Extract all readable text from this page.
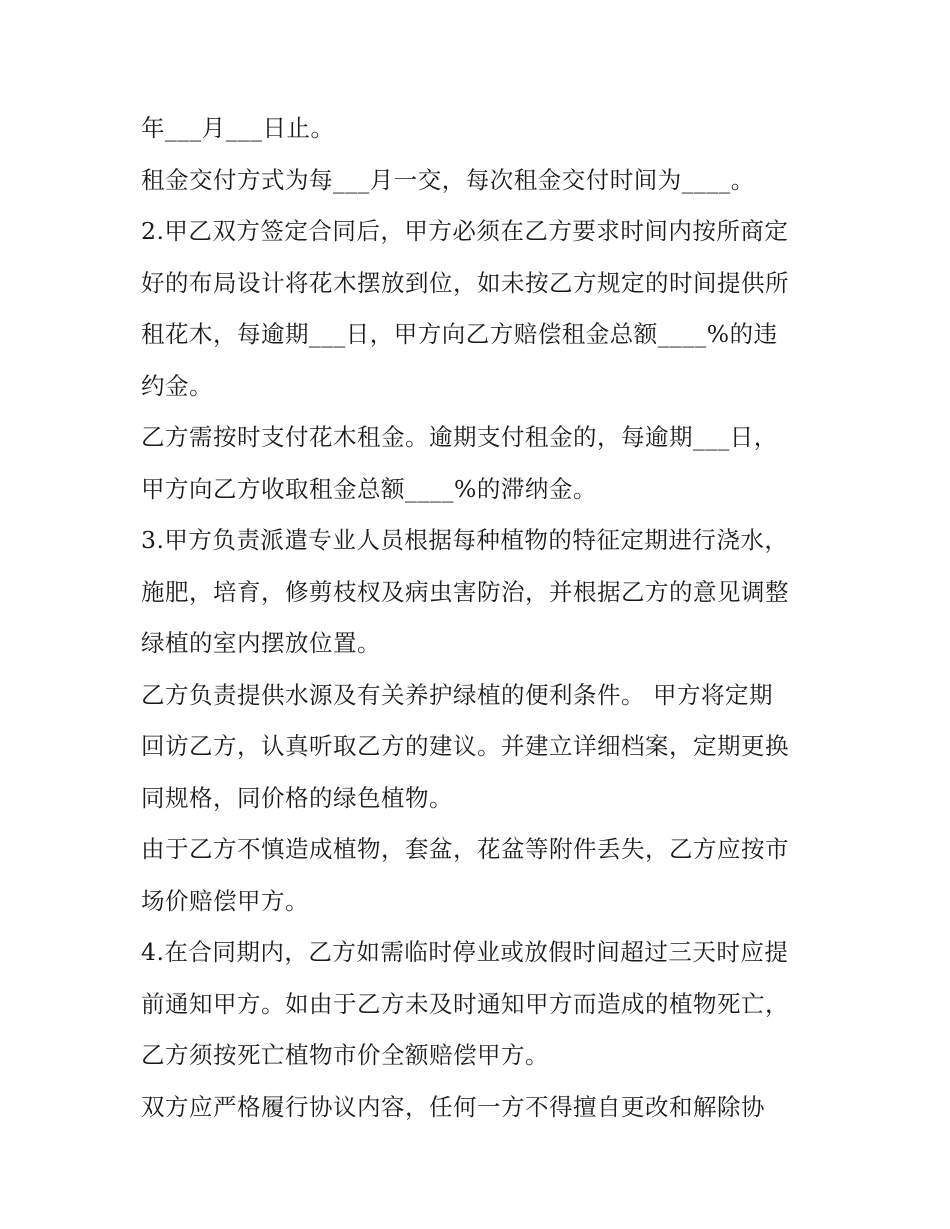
年___月___日止。
租金交付方式为每___月一交，每次租金交付时间为____。
2.甲乙双方签定合同后，甲方必须在乙方要求时间内按所商定
好的布局设计将花木摆放到位，如未按乙方规定的时间提供所
租花木，每逾期___日，甲方向乙方赔偿租金总额____%的违
约金。
乙方需按时支付花木租金。逾期支付租金的，每逾期___日，
甲方向乙方收取租金总额____%的滞纳金。
3.甲方负责派遣专业人员根据每种植物的特征定期进行浇水，
施肥，培育，修剪枝杈及病虫害防治，并根据乙方的意见调整
绿植的室内摆放位置。
乙方负责提供水源及有关养护绿植的便利条件。 甲方将定期
回访乙方，认真听取乙方的建议。并建立详细档案，定期更换
同规格，同价格的绿色植物。
由于乙方不慎造成植物，套盆，花盆等附件丢失，乙方应按市
场价赔偿甲方。
4.在合同期内，乙方如需临时停业或放假时间超过三天时应提
前通知甲方。如由于乙方未及时通知甲方而造成的植物死亡，
乙方须按死亡植物市价全额赔偿甲方。
双方应严格履行协议内容，任何一方不得擅自更改和解除协
